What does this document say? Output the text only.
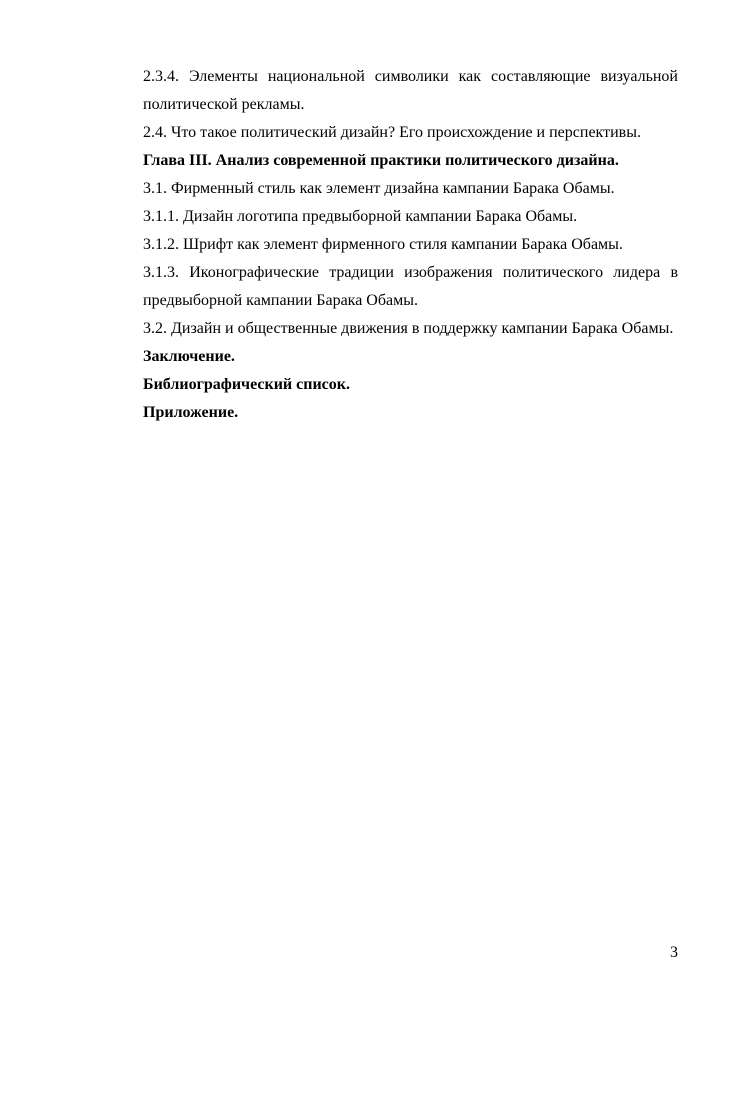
2.3.4. Элементы национальной символики как составляющие визуальной политической рекламы.

2.4. Что такое политический дизайн? Его происхождение и перспективы.

Глава III. Анализ современной практики политического дизайна.

3.1. Фирменный стиль как элемент дизайна кампании Барака Обамы.

3.1.1. Дизайн логотипа предвыборной кампании Барака Обамы.

3.1.2. Шрифт как элемент фирменного стиля кампании Барака Обамы.

3.1.3. Иконографические традиции изображения политического лидера в предвыборной кампании Барака Обамы.

3.2. Дизайн и общественные движения в поддержку кампании Барака Обамы.

Заключение.

Библиографический список.

Приложение.

3
